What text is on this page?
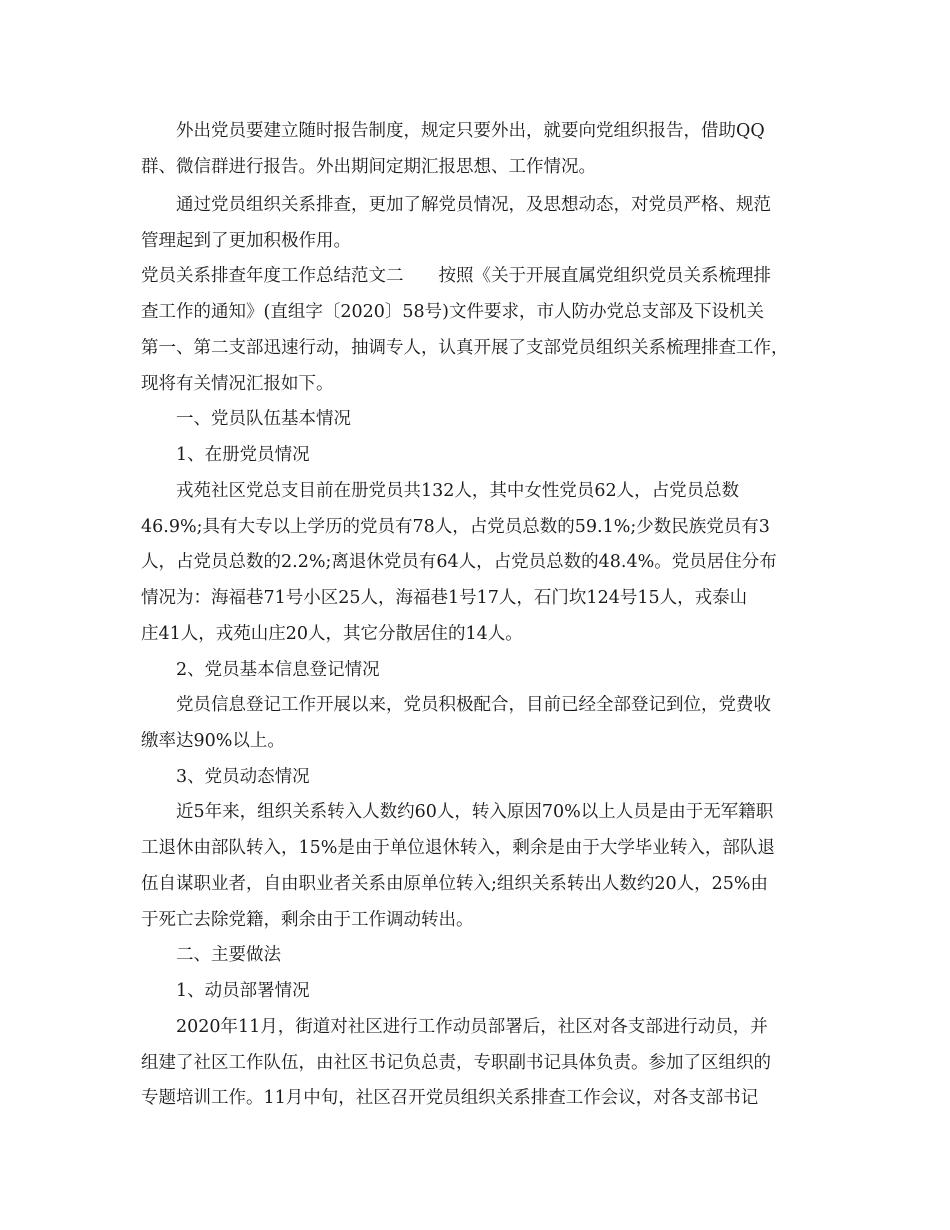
　　外出党员要建立随时报告制度，规定只要外出，就要向党组织报告，借助QQ
群、微信群进行报告。外出期间定期汇报思想、工作情况。
　　通过党员组织关系排查，更加了解党员情况，及思想动态，对党员严格、规范
管理起到了更加积极作用。
党员关系排查年度工作总结范文二　　按照《关于开展直属党组织党员关系梳理排
查工作的通知》(直组字〔2020〕58号)文件要求，市人防办党总支部及下设机关
第一、第二支部迅速行动，抽调专人，认真开展了支部党员组织关系梳理排查工作，
现将有关情况汇报如下。
　　一、党员队伍基本情况
　　1、在册党员情况
　　戎苑社区党总支目前在册党员共132人，其中女性党员62人，占党员总数
46.9%;具有大专以上学历的党员有78人，占党员总数的59.1%;少数民族党员有3
人，占党员总数的2.2%;离退休党员有64人，占党员总数的48.4%。党员居住分布
情况为：海福巷71号小区25人，海福巷1号17人，石门坎124号15人，戎泰山
庄41人，戎苑山庄20人，其它分散居住的14人。
　　2、党员基本信息登记情况
　　党员信息登记工作开展以来，党员积极配合，目前已经全部登记到位，党费收
缴率达90%以上。
　　3、党员动态情况
　　近5年来，组织关系转入人数约60人，转入原因70%以上人员是由于无军籍职
工退休由部队转入，15%是由于单位退休转入，剩余是由于大学毕业转入，部队退
伍自谋职业者，自由职业者关系由原单位转入;组织关系转出人数约20人，25%由
于死亡去除党籍，剩余由于工作调动转出。
　　二、主要做法
　　1、动员部署情况
　　2020年11月，街道对社区进行工作动员部署后，社区对各支部进行动员，并
组建了社区工作队伍，由社区书记负总责，专职副书记具体负责。参加了区组织的
专题培训工作。11月中旬，社区召开党员组织关系排查工作会议，对各支部书记
